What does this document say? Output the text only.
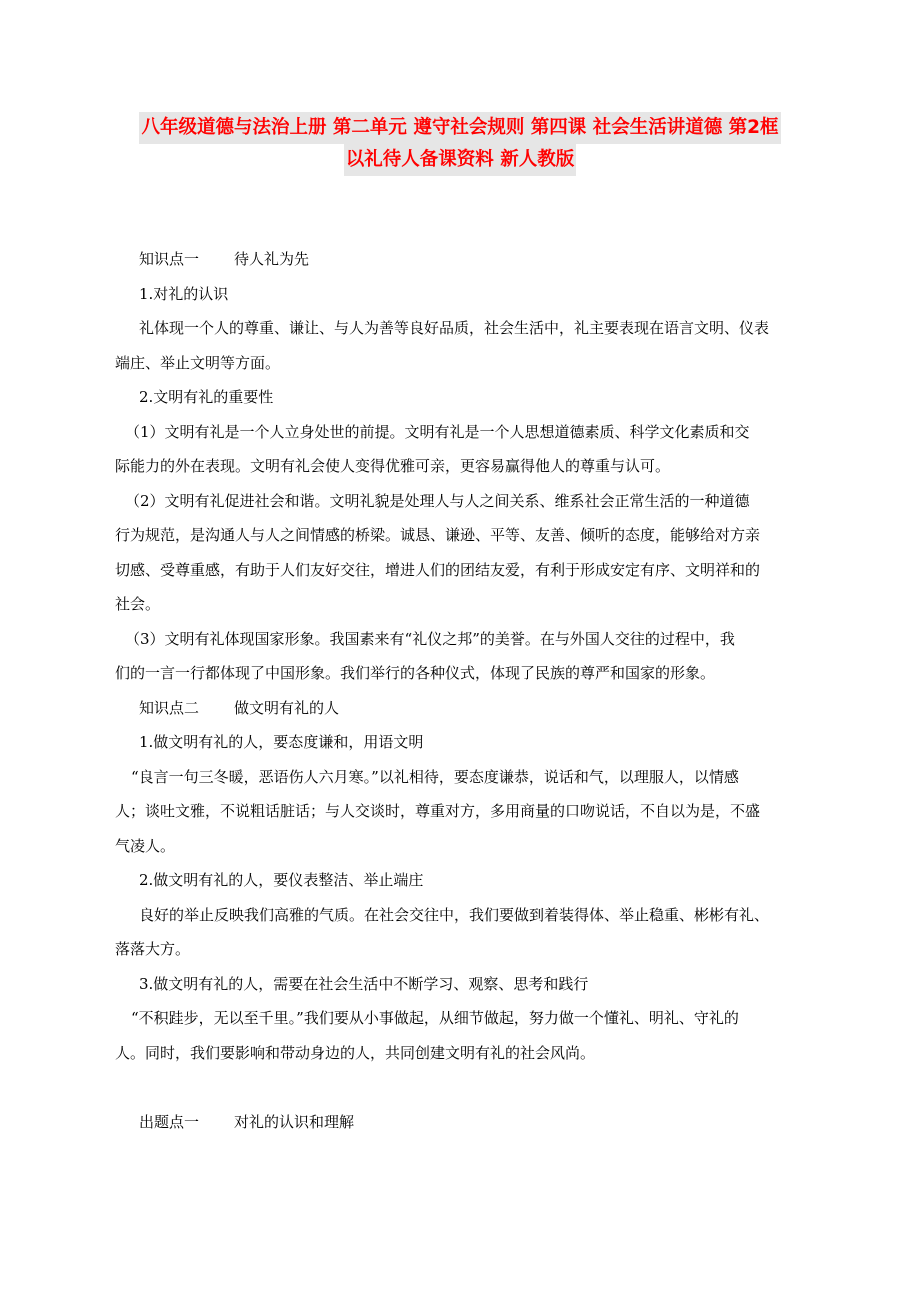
八年级道德与法治上册 第二单元 遵守社会规则 第四课 社会生活讲道德 第2框
以礼待人备课资料 新人教版

知识点一 待人礼为先

1.对礼的认识

礼体现一个人的尊重、谦让、与人为善等良好品质，社会生活中，礼主要表现在语言文明、仪表

端庄、举止文明等方面。

2.文明有礼的重要性

（1）文明有礼是一个人立身处世的前提。文明有礼是一个人思想道德素质、科学文化素质和交

际能力的外在表现。文明有礼会使人变得优雅可亲，更容易赢得他人的尊重与认可。

（2）文明有礼促进社会和谐。文明礼貌是处理人与人之间关系、维系社会正常生活的一种道德

行为规范，是沟通人与人之间情感的桥梁。诚恳、谦逊、平等、友善、倾听的态度，能够给对方亲

切感、受尊重感，有助于人们友好交往，增进人们的团结友爱，有利于形成安定有序、文明祥和的

社会。

（3）文明有礼体现国家形象。我国素来有“礼仪之邦”的美誉。在与外国人交往的过程中，我

们的一言一行都体现了中国形象。我们举行的各种仪式，体现了民族的尊严和国家的形象。

知识点二 做文明有礼的人

1.做文明有礼的人，要态度谦和，用语文明

“良言一句三冬暖，恶语伤人六月寒。”以礼相待，要态度谦恭，说话和气，以理服人，以情感

人；谈吐文雅，不说粗话脏话；与人交谈时，尊重对方，多用商量的口吻说话，不自以为是，不盛

气凌人。

2.做文明有礼的人，要仪表整洁、举止端庄

良好的举止反映我们高雅的气质。在社会交往中，我们要做到着装得体、举止稳重、彬彬有礼、

落落大方。

3.做文明有礼的人，需要在社会生活中不断学习、观察、思考和践行

“不积跬步，无以至千里。”我们要从小事做起，从细节做起，努力做一个懂礼、明礼、守礼的

人。同时，我们要影响和带动身边的人，共同创建文明有礼的社会风尚。

出题点一 对礼的认识和理解
